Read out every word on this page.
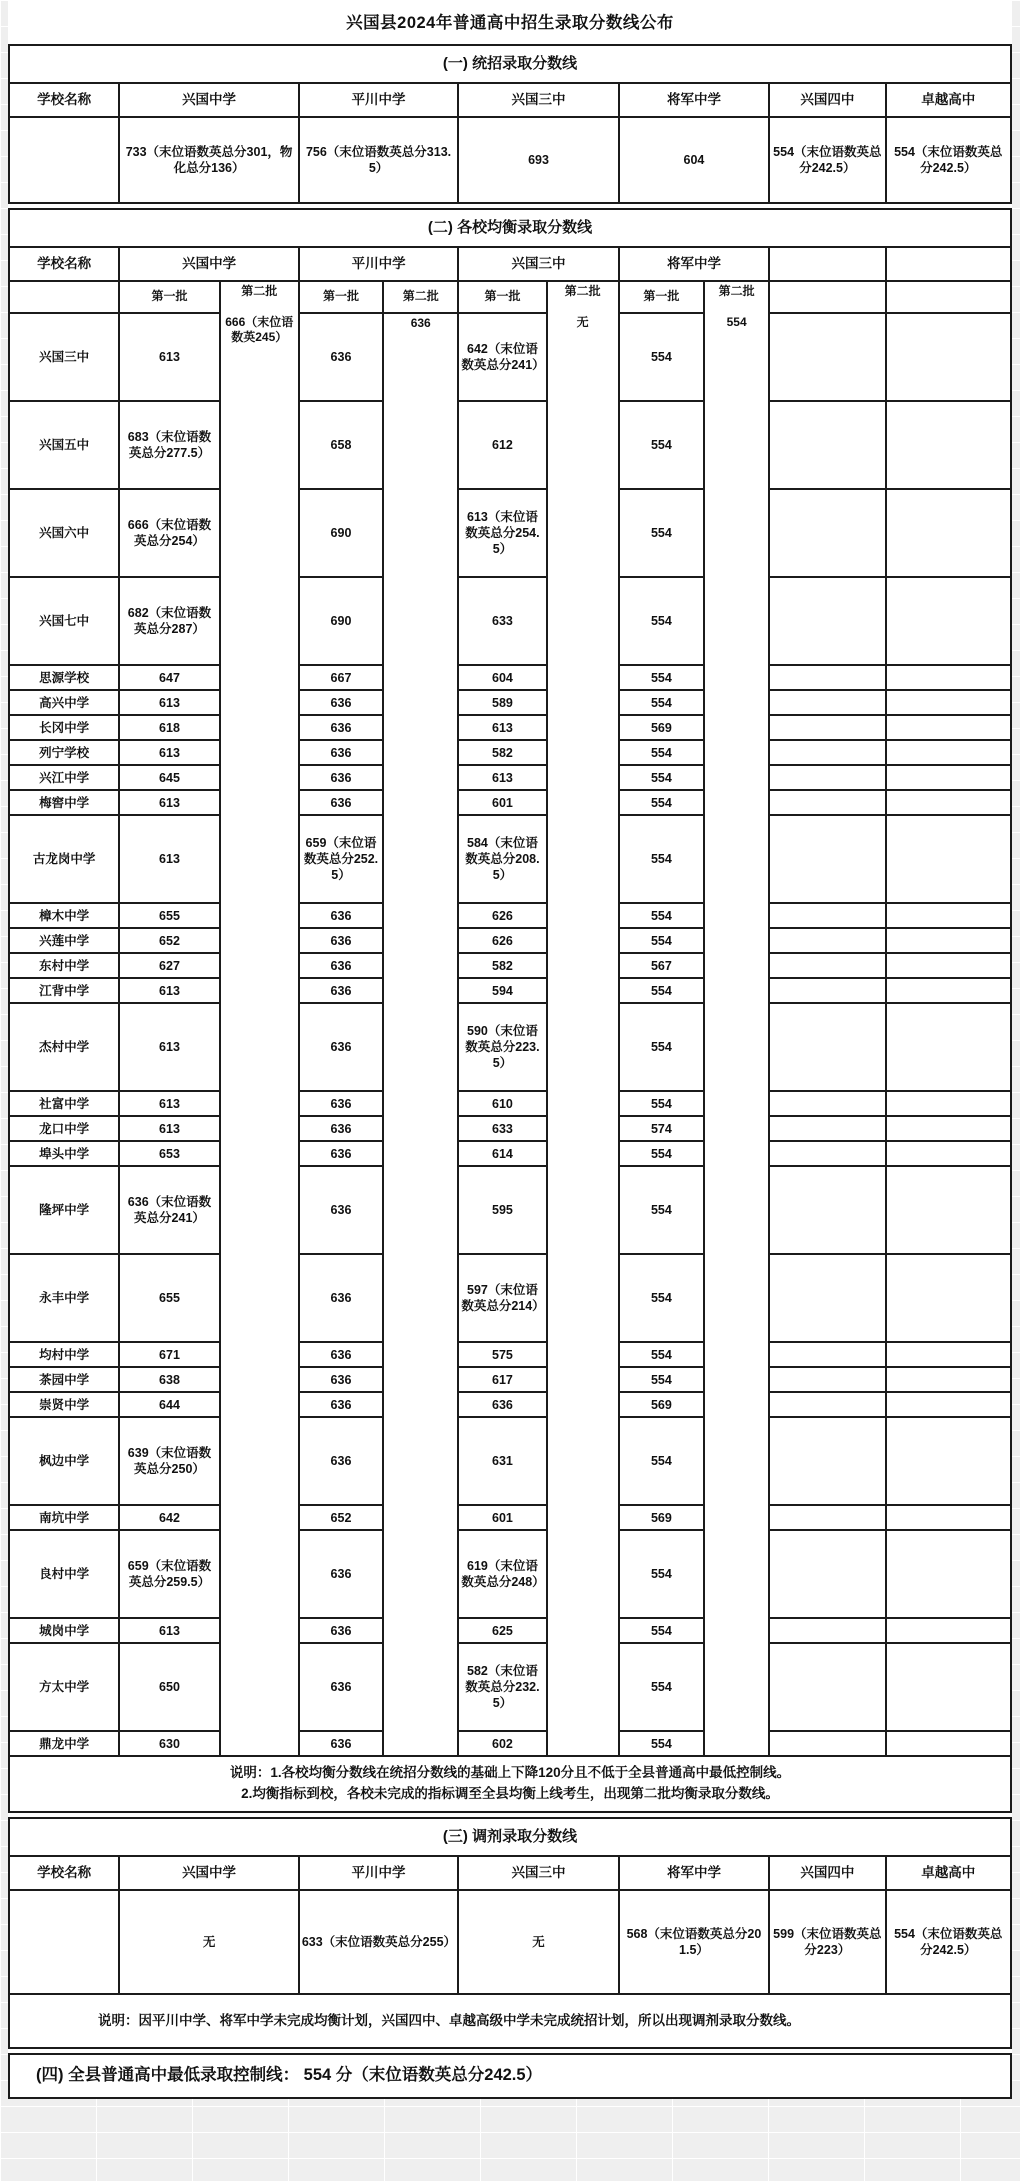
兴国县2024年普通高中招生录取分数线公布
(一) 统招录取分数线						
学校名称	兴国中学	平川中学	兴国三中	将军中学	兴国四中	卓越高中
	733（末位语数英总分301，物化总分136）	756（末位语数英总分313.5）	693	604	554（末位语数英总分242.5）	554（末位语数英总分242.5）
(二) 各校均衡录取分数线										
学校名称	兴国中学		平川中学		兴国三中		将军中学			
	第一批	第二批	第一批	第二批	第一批	第二批	第一批	第二批		
兴国三中	613	666（末位语数英245）	636	636	642（末位语数英总分241）	无	554	554		
兴国五中	683（末位语数英总分277.5）		658		612		554			
兴国六中	666（末位语数英总分254）		690		613（末位语数英总分254.5）		554			
兴国七中	682（末位语数英总分287）		690		633		554			
思源学校	647		667		604		554			
高兴中学	613		636		589		554			
长冈中学	618		636		613		569			
列宁学校	613		636		582		554			
兴江中学	645		636		613		554			
梅窖中学	613		636		601		554			
古龙岗中学	613		659（末位语数英总分252.5）		584（末位语数英总分208.5）		554			
樟木中学	655		636		626		554			
兴莲中学	652		636		626		554			
东村中学	627		636		582		567			
江背中学	613		636		594		554			
杰村中学	613		636		590（末位语数英总分223.5）		554			
社富中学	613		636		610		554			
龙口中学	613		636		633		574			
埠头中学	653		636		614		554			
隆坪中学	636（末位语数英总分241）		636		595		554			
永丰中学	655		636		597（末位语数英总分214）		554			
均村中学	671		636		575		554			
茶园中学	638		636		617		554			
崇贤中学	644		636		636		569			
枫边中学	639（末位语数英总分250）		636		631		554			
南坑中学	642		652		601		569			
良村中学	659（末位语数英总分259.5）		636		619（末位语数英总分248）		554			
城岗中学	613		636		625		554			
方太中学	650		636		582（末位语数英总分232.5）		554			
鼎龙中学	630		636		602		554			

说明：1.各校均衡分数线在统招分数线的基础上下降120分且不低于全县普通高中最低控制线。
2.均衡指标到校，各校未完成的指标调至全县均衡上线考生，出现第二批均衡录取分数线。										
(三) 调剂录取分数线						
学校名称	兴国中学	平川中学	兴国三中	将军中学	兴国四中	卓越高中
	无	633（末位语数英总分255）	无	568（末位语数英总分201.5）	599（末位语数英总分223）	554（末位语数英总分242.5）
说明：因平川中学、将军中学未完成均衡计划，兴国四中、卓越高级中学未完成统招计划，所以出现调剂录取分数线。						
(四) 全县普通高中最低录取控制线： 554 分（末位语数英总分242.5）
